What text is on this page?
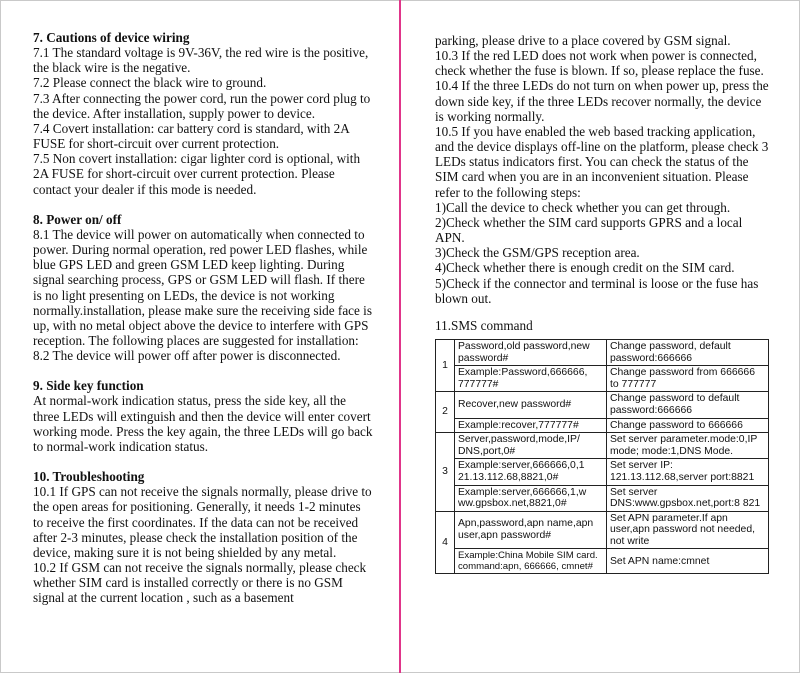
7. Cautions of device wiring

7.1 The standard voltage is 9V-36V, the red wire is the positive, the black wire is the negative.

7.2 Please connect the black wire to ground.

7.3 After connecting the power cord, run the power cord plug to the device. After installation, supply power to device.

7.4 Covert installation: car battery cord is standard, with 2A FUSE for short-circuit over current protection.

7.5 Non covert installation: cigar lighter cord is optional, with 2A FUSE for short-circuit over current protection. Please contact your dealer if this mode is needed.

8. Power on/ off

8.1 The device will power on automatically when connected to power. During normal operation, red power LED flashes, while blue GPS LED and green GSM LED keep lighting. During signal searching process, GPS or GSM LED will flash. If there is no light presenting on LEDs, the device is not working normally.installation, please make sure the receiving side face is up, with no metal object above the device to interfere with GPS reception. The following places are suggested for installation:

8.2 The device will power off after power is disconnected.

9. Side key function

At normal-work indication status, press the side key, all the three LEDs will extinguish and then the device will enter covert working mode. Press the key again, the three LEDs will go back to normal-work indication status.

10. Troubleshooting

10.1 If GPS can not receive the signals normally, please drive to the open areas for positioning. Generally, it needs 1-2 minutes to receive the first coordinates. If the data can not be received after 2-3 minutes, please check the installation position of the device, making sure it is not being shielded by any metal.

10.2 If GSM can not receive the signals normally, please check whether SIM card is installed correctly or there is no GSM signal at the current location , such as a basement

parking, please drive to a place covered by GSM signal.

10.3 If the red LED does not work when power is connected, check whether the fuse is blown. If so, please replace the fuse.

10.4 If the three LEDs do not turn on when power up, press the down side key, if the three LEDs recover normally, the device is working normally.

10.5 If you have enabled the web based tracking application, and the device displays off-line on the platform, please check 3 LEDs status indicators first. You can check the status of the SIM card when you are in an inconvenient situation. Please refer to the following steps:

1)Call the device to check whether you can get through.

2)Check whether the SIM card supports GPRS and a local APN.

3)Check the GSM/GPS reception area.

4)Check whether there is enough credit on the SIM card.

5)Check if the connector and terminal is loose or the fuse has blown out.

11.SMS command

1	Password,old password,new password#	Change password, default password:666666
	Example:Password,666666, 777777#	Change password from 666666 to 777777
2	Recover,new password#	Change password to default password:666666
	Example:recover,777777#	Change password to 666666
3	Server,password,mode,IP/ DNS,port,0#	Set server parameter.mode:0,IP mode; mode:1,DNS Mode.
	Example:server,666666,0,1 21.13.112.68,8821,0#	Set server IP: 121.13.112.68,server port:8821
	Example:server,666666,1,w ww.gpsbox.net,8821,0#	Set server DNS:www.gpsbox.net,port:8 821
4	Apn,password,apn name,apn user,apn password#	Set APN parameter.If apn user,apn password not needed, not write
	Example:China Mobile SIM card. command:apn, 666666, cmnet#	Set APN name:cmnet
